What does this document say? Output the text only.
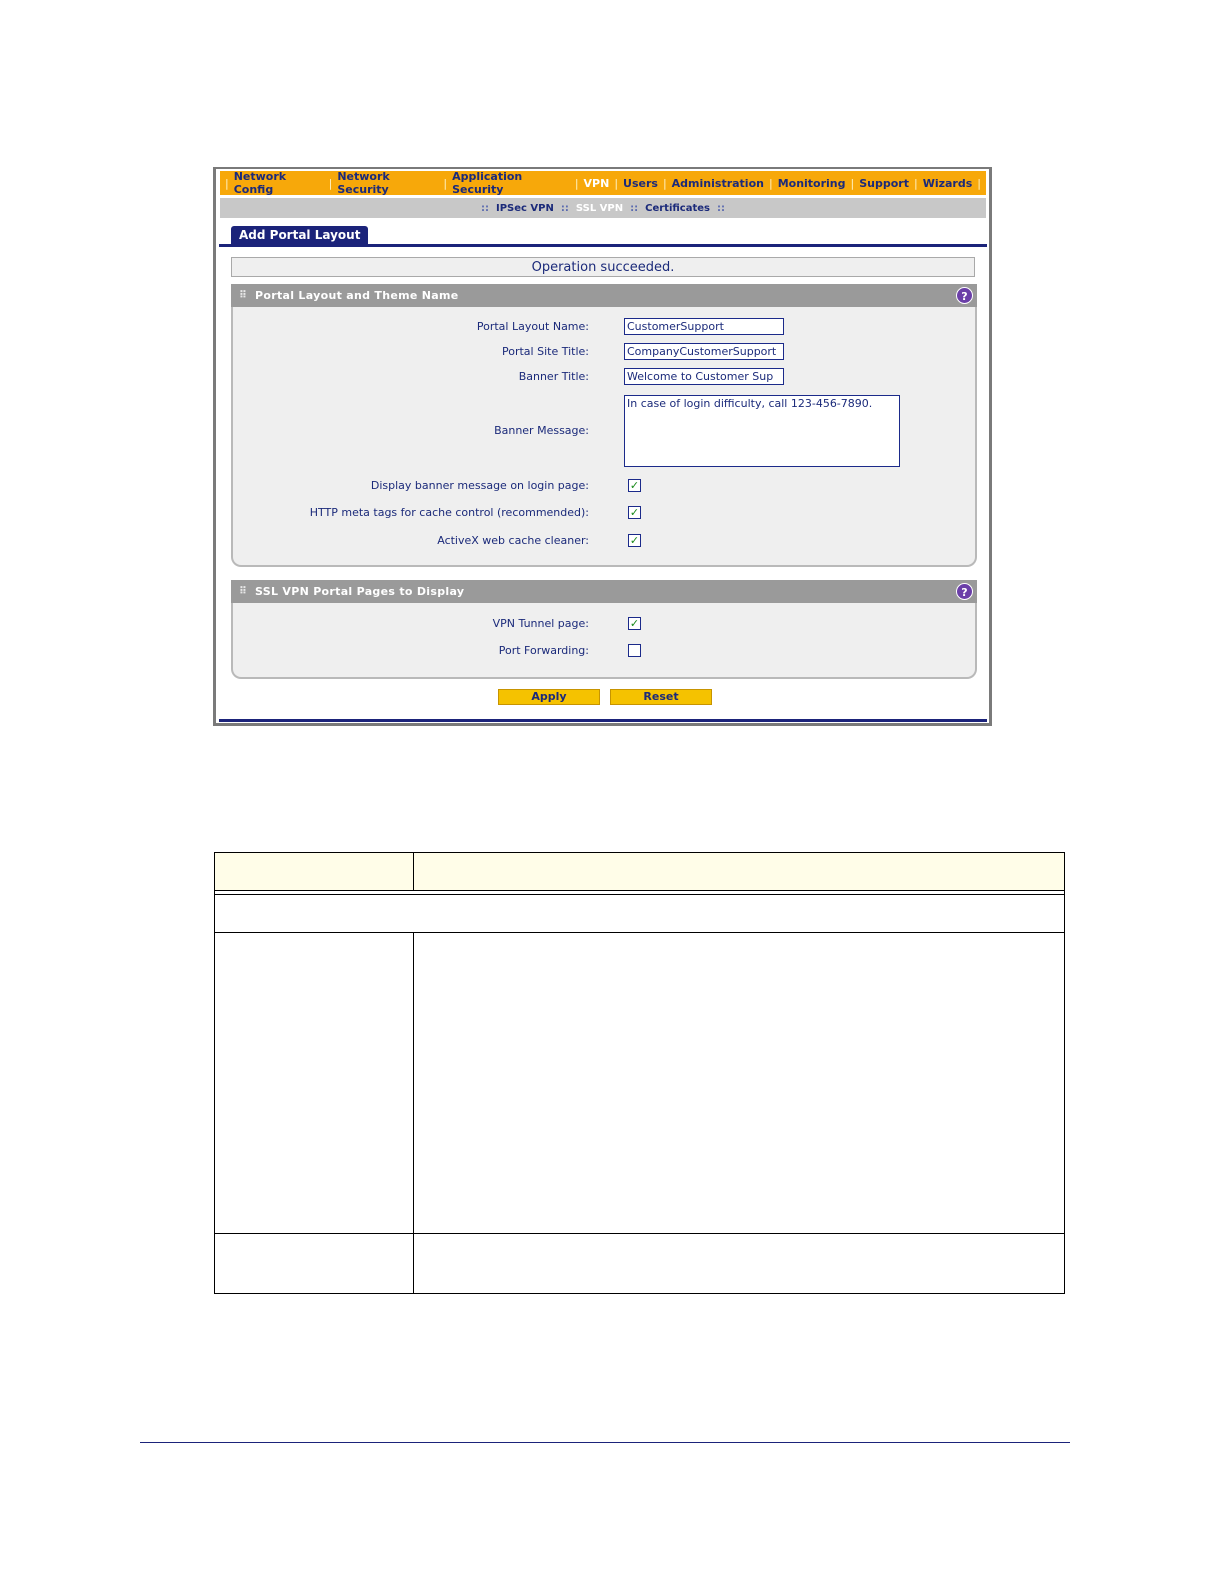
| Network Config	| Network Security	| Application Security	| VPN | Users | Administration | Monitoring | Support | Wizards |
:: IPSec VPN :: SSL VPN :: Certificates ::
Add Portal Layout
Operation succeeded.
⠿ Portal Layout and Theme Name	?
Portal Layout Name:	CustomerSupport
Portal Site Title:	CompanyCustomerSupport
Banner Title:	Welcome to Customer Sup
Banner Message:
In case of login difficulty, call 123-456-7890.
Display banner message on login page:	✓
HTTP meta tags for cache control (recommended):	✓
ActiveX web cache cleaner:	✓
⠿ SSL VPN Portal Pages to Display	?
VPN Tunnel page:	✓
Port Forwarding:
Apply	Reset
